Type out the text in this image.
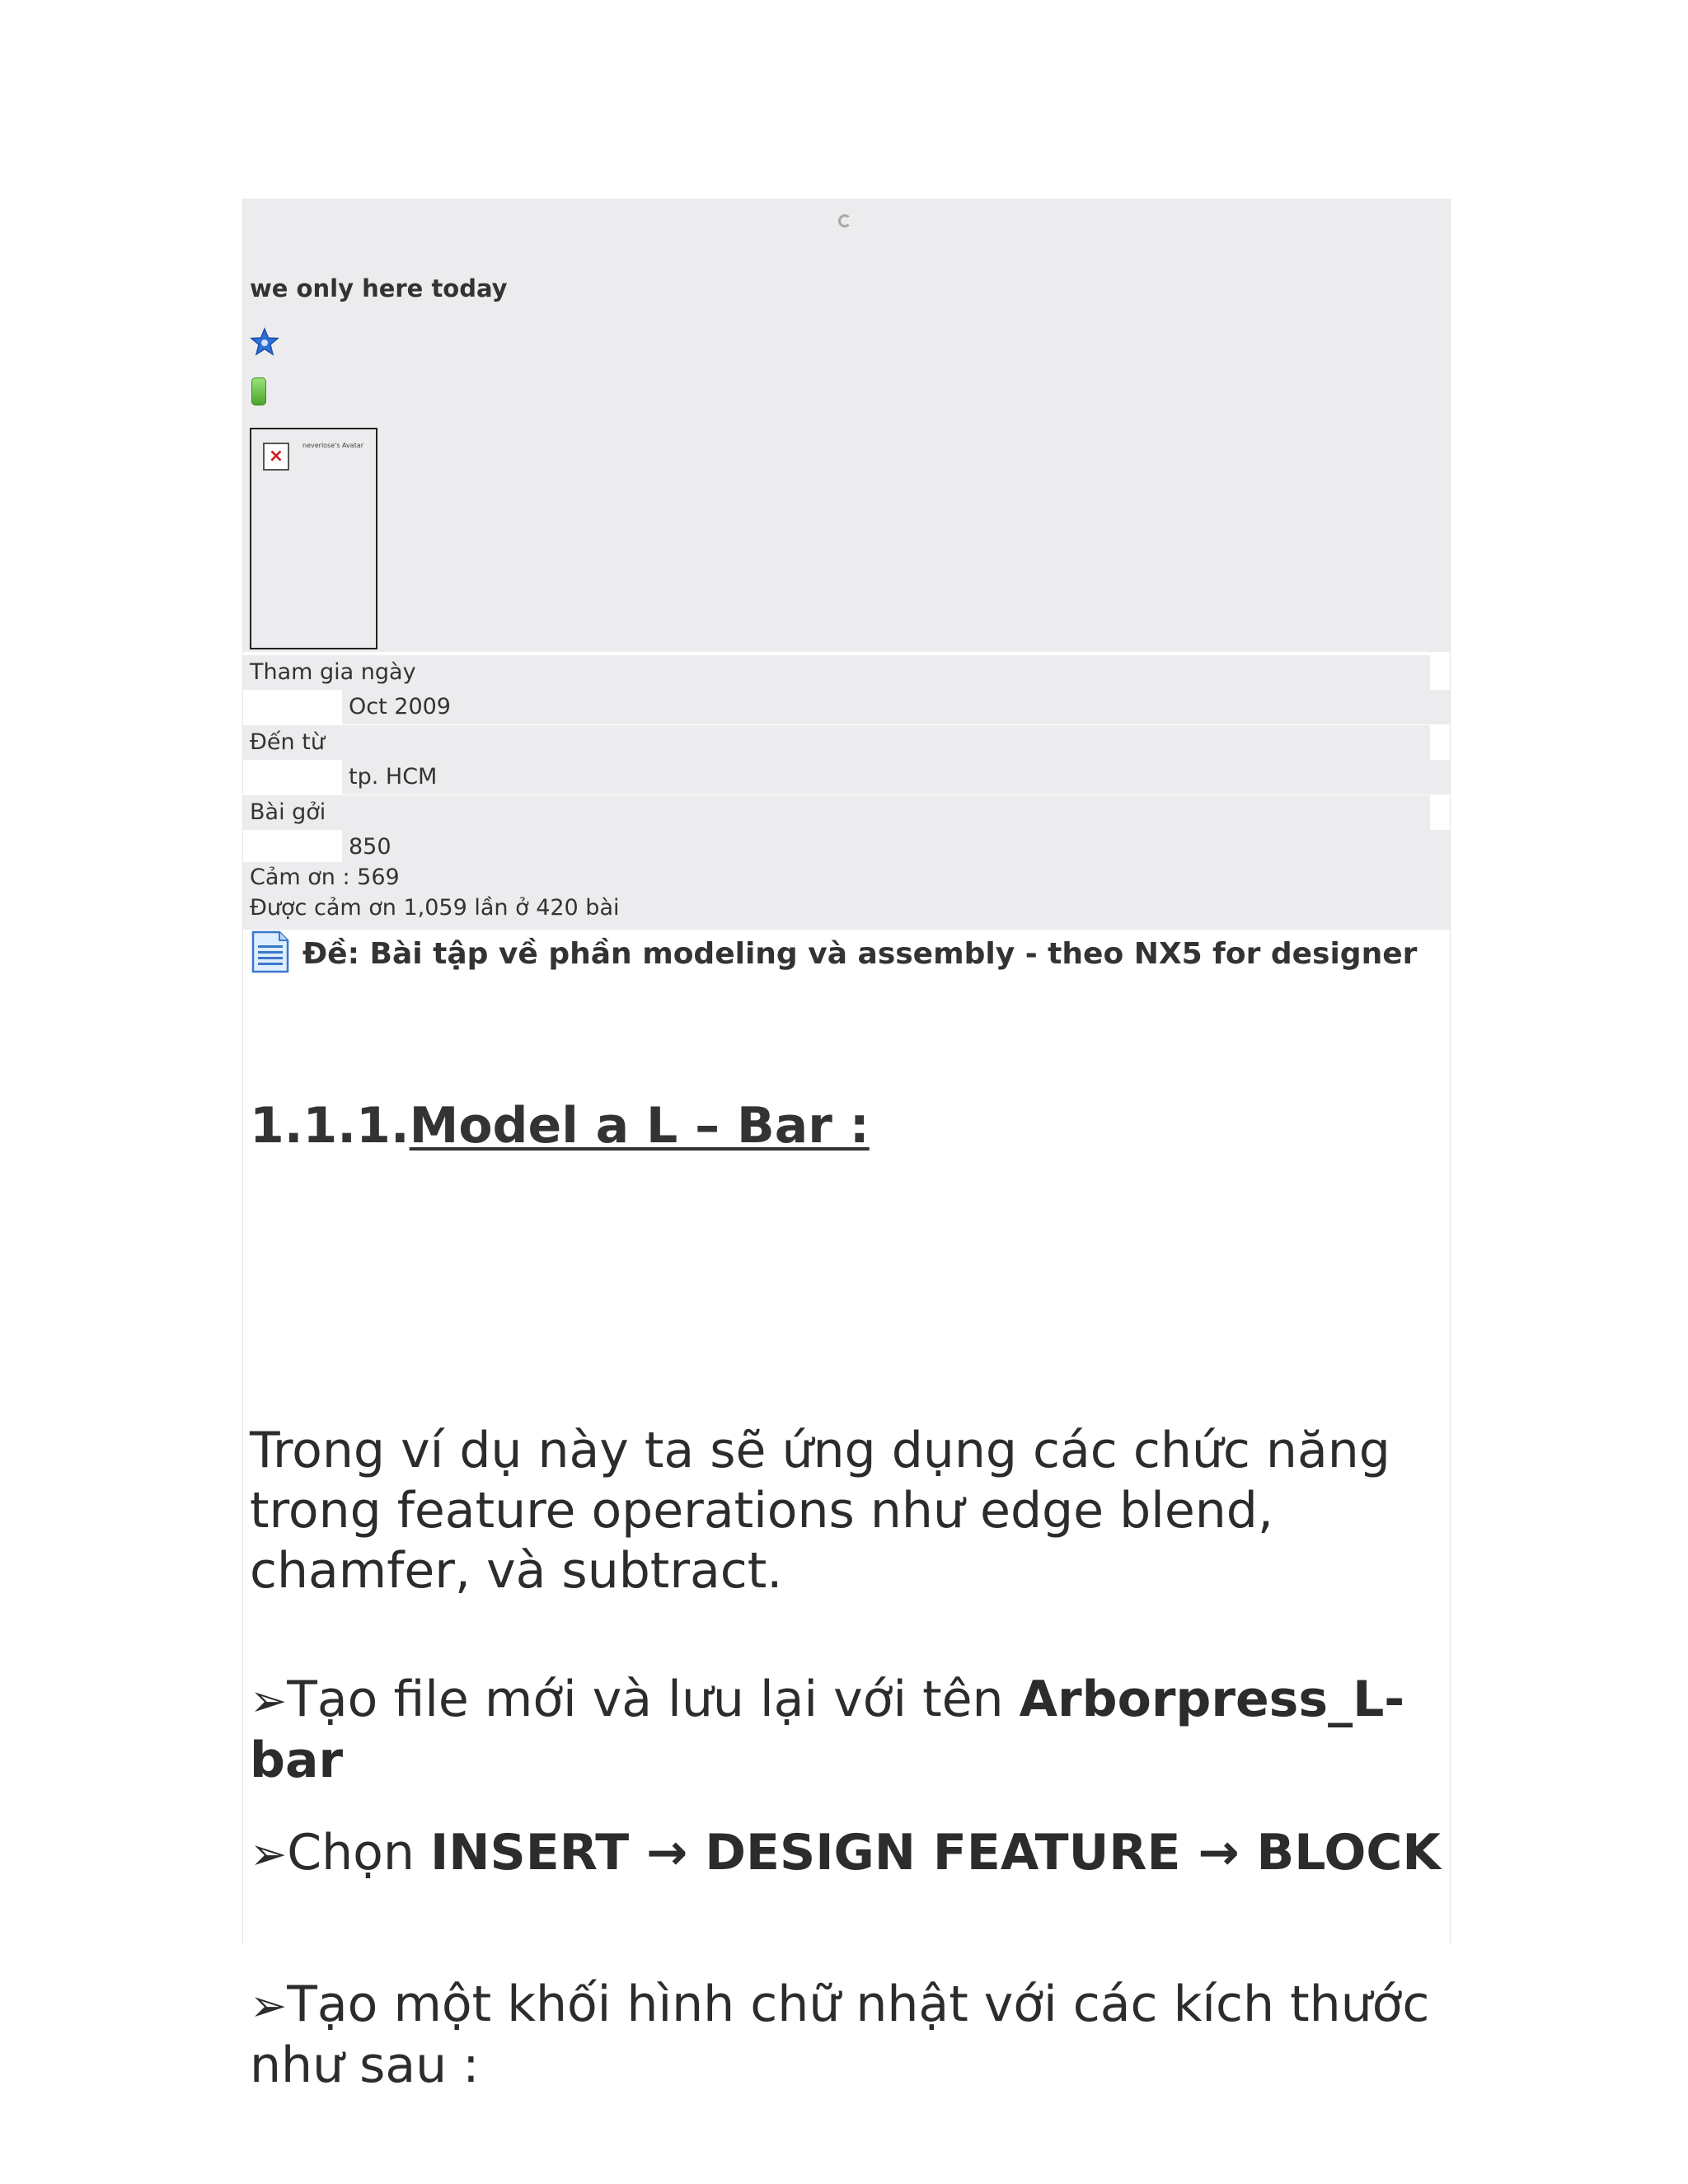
we only here today
×
neverlose's Avatar
Tham gia ngày
Oct 2009
Đến từ
tp. HCM
Bài gởi
850
Cảm ơn : 569
Được cảm ơn 1,059 lần ở 420 bài
Đề: Bài tập về phần modeling và assembly - theo NX5 for designer
1.1.1.Model a L – Bar :
Trong ví dụ này ta sẽ ứng dụng các chức năng trong feature operations như edge blend, chamfer, và subtract.
➢Tạo file mới và lưu lại với tên Arborpress_L-bar
➢Chọn INSERT → DESIGN FEATURE → BLOCK
➢Tạo một khối hình chữ nhật với các kích thước như sau :
